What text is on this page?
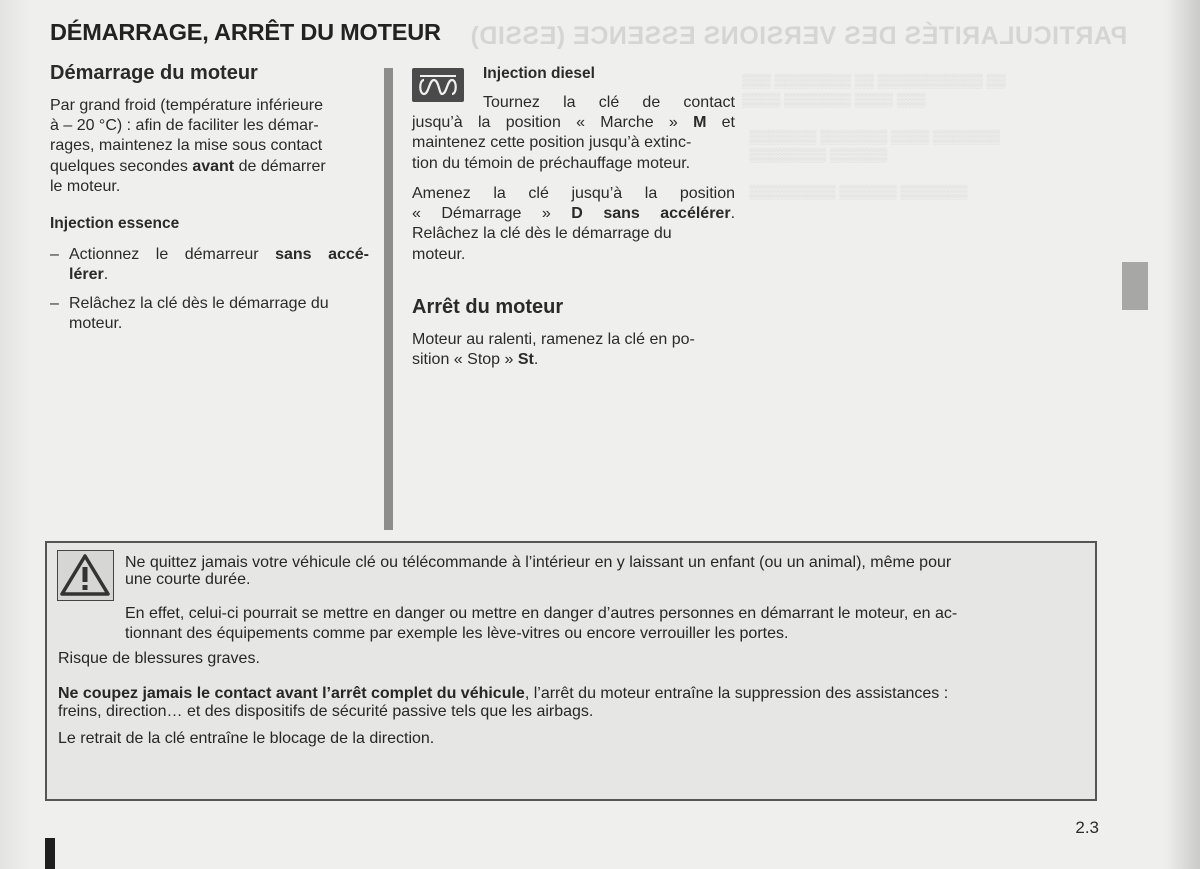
PARTICULARITÉS DES VERSIONS ESSENCE (ESSID)
▒▒▒ ▒▒▒▒▒▒▒▒ ▒▒ ▒▒▒▒▒▒▒▒▒▒▒ ▒▒
▒▒▒▒ ▒▒▒▒▒▒▒ ▒▒▒▒ ▒▒▒

▒▒▒▒▒▒▒ ▒▒▒▒▒▒▒ ▒▒▒▒ ▒▒▒▒▒▒▒
▒▒▒▒▒▒▒▒ ▒▒▒▒▒▒

▒▒▒▒▒▒▒▒▒ ▒▒▒▒▒▒ ▒▒▒▒▒▒▒
DÉMARRAGE, ARRÊT DU MOTEUR
Démarrage du moteur
Par grand froid (température inférieure
à – 20 °C) : afin de faciliter les démar-
rages, maintenez la mise sous contact
quelques secondes avant de démarrer
le moteur.
Injection essence
– Actionnez le démarreur sans accé-
lérer.
– Relâchez la clé dès le démarrage du
moteur.
Injection diesel
Tournez la clé de contact
jusqu’à la position « Marche » M et
maintenez cette position jusqu’à extinc-
tion du témoin de préchauffage moteur.
Amenez la clé jusqu’à la position
« Démarrage » D sans accélérer.
Relâchez la clé dès le démarrage du
moteur.
Arrêt du moteur
Moteur au ralenti, ramenez la clé en po-
sition « Stop » St.
Ne quittez jamais votre véhicule clé ou télécommande à l’intérieur en y laissant un enfant (ou un animal), même pour
une courte durée.
En effet, celui-ci pourrait se mettre en danger ou mettre en danger d’autres personnes en démarrant le moteur, en ac-
tionnant des équipements comme par exemple les lève-vitres ou encore verrouiller les portes.
Risque de blessures graves.
Ne coupez jamais le contact avant l’arrêt complet du véhicule, l’arrêt du moteur entraîne la suppression des assistances :
freins, direction… et des dispositifs de sécurité passive tels que les airbags.
Le retrait de la clé entraîne le blocage de la direction.
2.3
